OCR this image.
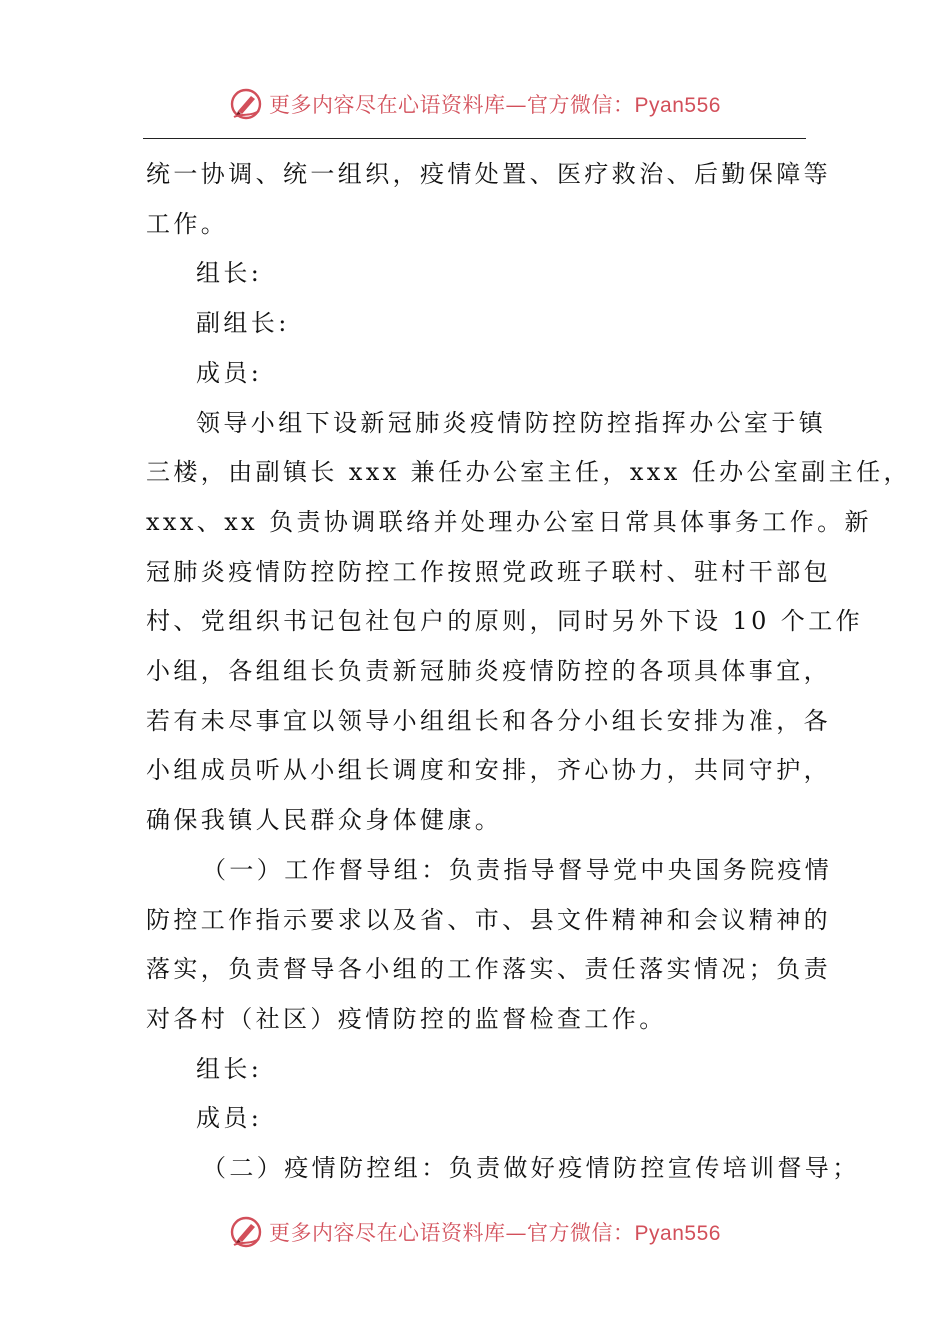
更多内容尽在心语资料库—官方微信：Pyan556

统一协调、统一组织，疫情处置、医疗救治、后勤保障等

工作。

组长:

副组长:

成员:

领导小组下设新冠肺炎疫情防控防控指挥办公室于镇

三楼，由副镇长 xxx 兼任办公室主任，xxx 任办公室副主任，

xxx、xx 负责协调联络并处理办公室日常具体事务工作。新

冠肺炎疫情防控防控工作按照党政班子联村、驻村干部包

村、党组织书记包社包户的原则，同时另外下设 10 个工作

小组，各组组长负责新冠肺炎疫情防控的各项具体事宜，

若有未尽事宜以领导小组组长和各分小组长安排为准，各

小组成员听从小组长调度和安排，齐心协力，共同守护，

确保我镇人民群众身体健康。

（一）工作督导组：负责指导督导党中央国务院疫情

防控工作指示要求以及省、市、县文件精神和会议精神的

落实，负责督导各小组的工作落实、责任落实情况；负责

对各村（社区）疫情防控的监督检查工作。

组长:

成员:

（二）疫情防控组：负责做好疫情防控宣传培训督导；

更多内容尽在心语资料库—官方微信：Pyan556
